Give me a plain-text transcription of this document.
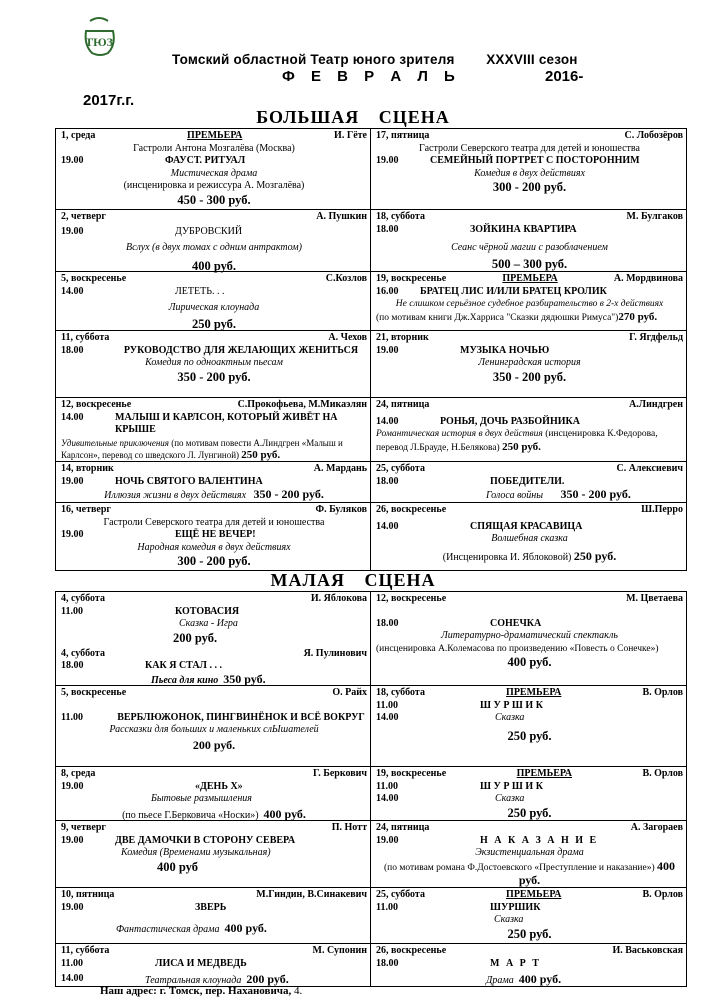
ТЮЗ
Томский областной Театр юного зрителя XXXVIII сезон
Ф Е В Р А Л Ь	2016-
2017г.г.
БОЛЬШАЯ СЦЕНА
1, среда	ПРЕМЬЕРА	И. Гёте
Гастроли Антона Мозгалёва (Москва)
19.00	ФАУСТ. РИТУАЛ
Мистическая драма
(инсценировка и режиссура А. Мозгалёва)
450 - 300 руб.
17, пятница	С. Лобозёров
Гастроли Северского театра для детей и юношества
19.00	СЕМЕЙНЫЙ ПОРТРЕТ С ПОСТОРОННИМ
Комедия в двух действиях
300 - 200 руб.
2, четверг	А. Пушкин
19.00	ДУБРОВСКИЙ
Вслух (в двух томах с одним антрактом)
400 руб.
18, суббота	М. Булгаков
18.00	ЗОЙКИНА КВАРТИРА
Сеанс чёрной магии с разоблачением
500 – 300 руб.
5, воскресенье	С.Козлов
14.00	ЛЕТЕТЬ. . .
Лирическая клоунада
250 руб.
19, воскресенье	ПРЕМЬЕРА	А. Мордвинова
16.00	БРАТЕЦ ЛИС И/ИЛИ БРАТЕЦ КРОЛИК
Не слишком серьёзное судебное разбирательство в 2-х действиях
(по мотивам книги Дж.Харриса "Сказки дядюшки Римуса")270 руб.
11, суббота	А. Чехов
18.00	РУКОВОДСТВО ДЛЯ ЖЕЛАЮЩИХ ЖЕНИТЬСЯ
Комедия по одноактным пьесам
350 - 200 руб.
21, вторник	Г. Ягдфельд
19.00	МУЗЫКА НОЧЬЮ
Ленинградская история
350 - 200 руб.
12, воскресенье	С.Прокофьева, М.Микаэлян
14.00	МАЛЫШ И КАРЛСОН, КОТОРЫЙ ЖИВЁТ НА КРЫШЕ
Удивительные приключения (по мотивам повести А.Линдгрен «Малыш и Карлсон», перевод со шведского Л. Лунгиной) 250 руб.
24, пятница	А.Линдгрен
14.00	РОНЬЯ, ДОЧЬ РАЗБОЙНИКА
Романтическая история в двух действия (инсценировка К.Федорова, перевод Л.Брауде, Н.Белякова) 250 руб.
14, вторник	А. Мардань
19.00	НОЧЬ СВЯТОГО ВАЛЕНТИНА
Иллюзия жизни в двух действиях 350 - 200 руб.
25, суббота	С. Алексиевич
18.00	ПОБЕДИТЕЛИ.
Голоса войны 350 - 200 руб.
16, четверг	Ф. Буляков
Гастроли Северского театра для детей и юношества
19.00	ЕЩЁ НЕ ВЕЧЕР!
Народная комедия в двух действиях
300 - 200 руб.
26, воскресенье	Ш.Перро
14.00	СПЯЩАЯ КРАСАВИЦА
Волшебная сказка
(Инсценировка И. Яблоковой) 250 руб.
МАЛАЯ СЦЕНА
4, суббота	И. Яблокова
11.00	КОТОВАСИЯ
Сказка - Игра
200 руб.
4, суббота	Я. Пулинович
18.00	КАК Я СТАЛ . . .
Пьеса для кино 350 руб.
12, воскресенье	М. Цветаева
18.00	СОНЕЧКА
Литературно-драматический спектакль
(инсценировка А.Колемасова по произведению «Повесть о Сонечке»)
400 руб.
5, воскресенье	О. Райх
11.00	ВЕРБЛЮЖОНОК, ПИНГВИНЁНОК И ВСЁ ВОКРУГ
Рассказки для больших и маленьких слЫшателей
200 руб.
18, суббота	ПРЕМЬЕРА	В. Орлов
11.00	Ш У Р Ш И К
14.00	Сказка
250 руб.
8, среда	Г. Беркович
19.00	«ДЕНЬ Х»
Бытовые размышления
(по пьесе Г.Берковича «Носки») 400 руб.
19, воскресенье	ПРЕМЬЕРА	В. Орлов
11.00	Ш У Р Ш И К
14.00	Сказка
250 руб.
9, четверг	П. Нотт
19.00	ДВЕ ДАМОЧКИ В СТОРОНУ СЕВЕРА
Комедия (Временами музыкальная)
400 руб
24, пятница	А. Загораев
19.00	Н А К А З А Н И Е
Экзистенциальная драма
(по мотивам романа Ф.Достоевского «Преступление и наказание») 400 руб.
10, пятница	М.Гиндин, В.Синакевич
19.00	ЗВЕРЬ
Фантастическая драма 400 руб.
25, суббота	ПРЕМЬЕРА	В. Орлов
11.00	ШУРШИК
Сказка
250 руб.
11, суббота	М. Супонин
11.00	ЛИСА И МЕДВЕДЬ
14.00	Театральная клоунада 200 руб.
26, воскресенье	И. Васьковская
18.00	М А Р Т
Драма 400 руб.
Наш адрес: г. Томск, пер. Нахановича, 4.
